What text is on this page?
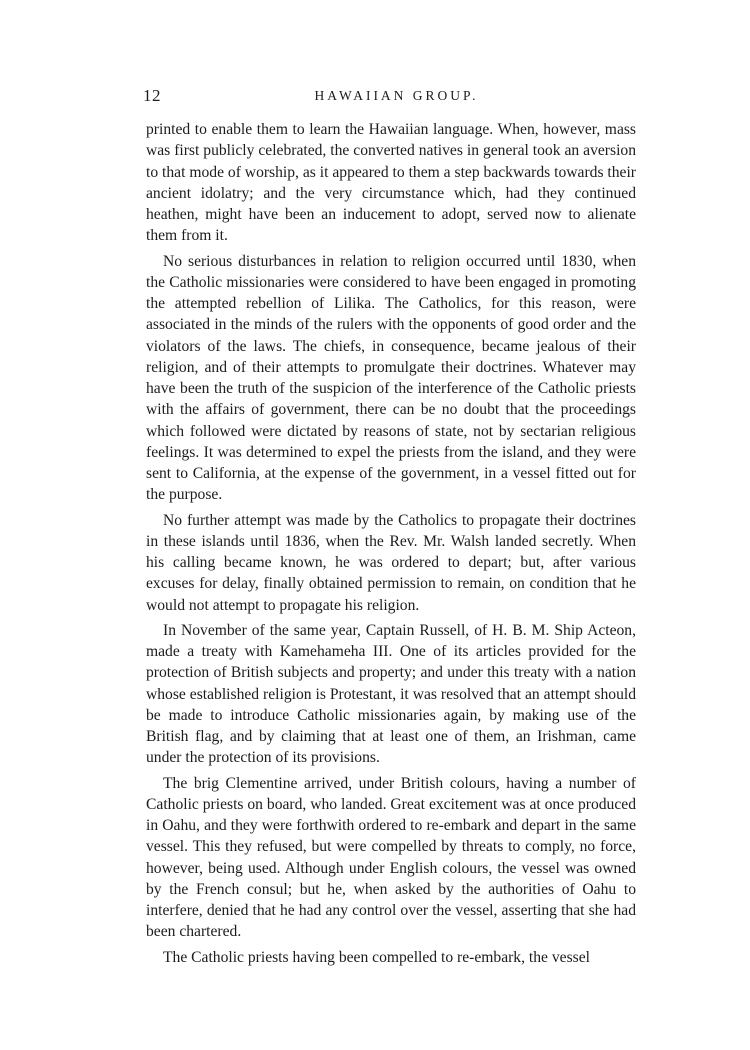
12	HAWAIIAN GROUP.

printed to enable them to learn the Hawaiian language. When, however, mass was first publicly celebrated, the converted natives in general took an aversion to that mode of worship, as it appeared to them a step backwards towards their ancient idolatry; and the very circumstance which, had they continued heathen, might have been an inducement to adopt, served now to alienate them from it.

No serious disturbances in relation to religion occurred until 1830, when the Catholic missionaries were considered to have been engaged in promoting the attempted rebellion of Lilika. The Catholics, for this reason, were associated in the minds of the rulers with the opponents of good order and the violators of the laws. The chiefs, in consequence, became jealous of their religion, and of their attempts to promulgate their doctrines. Whatever may have been the truth of the suspicion of the interference of the Catholic priests with the affairs of government, there can be no doubt that the proceedings which followed were dictated by reasons of state, not by sectarian religious feelings. It was determined to expel the priests from the island, and they were sent to California, at the expense of the government, in a vessel fitted out for the purpose.

No further attempt was made by the Catholics to propagate their doctrines in these islands until 1836, when the Rev. Mr. Walsh landed secretly. When his calling became known, he was ordered to depart; but, after various excuses for delay, finally obtained permission to remain, on condition that he would not attempt to propagate his religion.

In November of the same year, Captain Russell, of H. B. M. Ship Acteon, made a treaty with Kamehameha III. One of its articles provided for the protection of British subjects and property; and under this treaty with a nation whose established religion is Protestant, it was resolved that an attempt should be made to introduce Catholic missionaries again, by making use of the British flag, and by claiming that at least one of them, an Irishman, came under the protection of its provisions.

The brig Clementine arrived, under British colours, having a number of Catholic priests on board, who landed. Great excitement was at once produced in Oahu, and they were forthwith ordered to re-embark and depart in the same vessel. This they refused, but were compelled by threats to comply, no force, however, being used. Although under English colours, the vessel was owned by the French consul; but he, when asked by the authorities of Oahu to interfere, denied that he had any control over the vessel, asserting that she had been chartered.

The Catholic priests having been compelled to re-embark, the vessel
